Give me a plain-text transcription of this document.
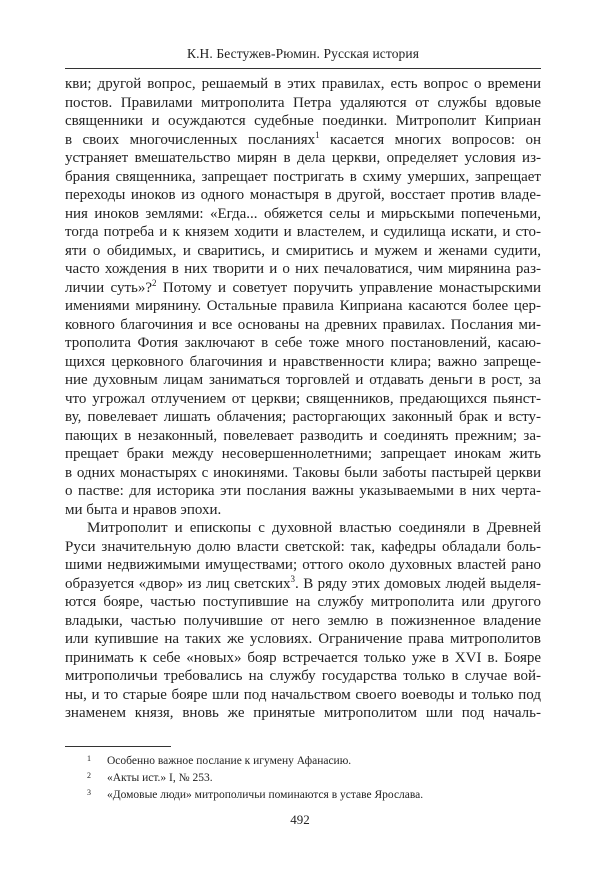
К.Н. Бестужев-Рюмин. Русская история
кви; другой вопрос, решаемый в этих правилах, есть вопрос о времени
постов. Правилами митрополита Петра удаляются от службы вдовые
священники и осуждаются судебные поединки. Митрополит Киприан
в своих многочисленных посланиях$^1$ касается многих вопросов: он
устраняет вмешательство мирян в дела церкви, определяет условия из-
брания священника, запрещает постригать в схиму умерших, запрещает
переходы иноков из одного монастыря в другой, восстает против владе-
ния иноков землями: «Егда... обяжется селы и мирьскыми попеченьми,
тогда потреба и к князем ходити и властелем, и судилища искати, и сто-
яти о обидимых, и сваритись, и смиритись и мужем и женами судити,
часто хождения в них творити и о них печаловатися, чим мирянина раз-
личии суть»?$^2$ Потому и советует поручить управление монастырскими
имениями мирянину. Остальные правила Киприана касаются более цер-
ковного благочиния и все основаны на древних правилах. Послания ми-
трополита Фотия заключают в себе тоже много постановлений, касаю-
щихся церковного благочиния и нравственности клира; важно запреще-
ние духовным лицам заниматься торговлей и отдавать деньги в рост, за
что угрожал отлучением от церкви; священников, предающихся пьянст-
ву, повелевает лишать облачения; расторгающих законный брак и всту-
пающих в незаконный, повелевает разводить и соединять прежним; за-
прещает браки между несовершеннолетними; запрещает инокам жить
в одних монастырях с инокинями. Таковы были заботы пастырей церкви
о пастве: для историка эти послания важны указываемыми в них черта-
ми быта и нравов эпохи.
Митрополит и епископы с духовной властью соединяли в Древней
Руси значительную долю власти светской: так, кафедры обладали боль-
шими недвижимыми имуществами; оттого около духовных властей рано
образуется «двор» из лиц светских$^3$. В ряду этих домовых людей выделя-
ются бояре, частью поступившие на службу митрополита или другого
владыки, частью получившие от него землю в пожизненное владение
или купившие на таких же условиях. Ограничение права митрополитов
принимать к себе «новых» бояр встречается только уже в XVI в. Бояре
митрополичьи требовались на службу государства только в случае вой-
ны, и то старые бояре шли под начальством своего воеводы и только под
знаменем князя, вновь же принятые митрополитом шли под началь-
1 Особенно важное послание к игумену Афанасию.
2 «Акты ист.» I, № 253.
3 «Домовые люди» митрополичьи поминаются в уставе Ярослава.
492
